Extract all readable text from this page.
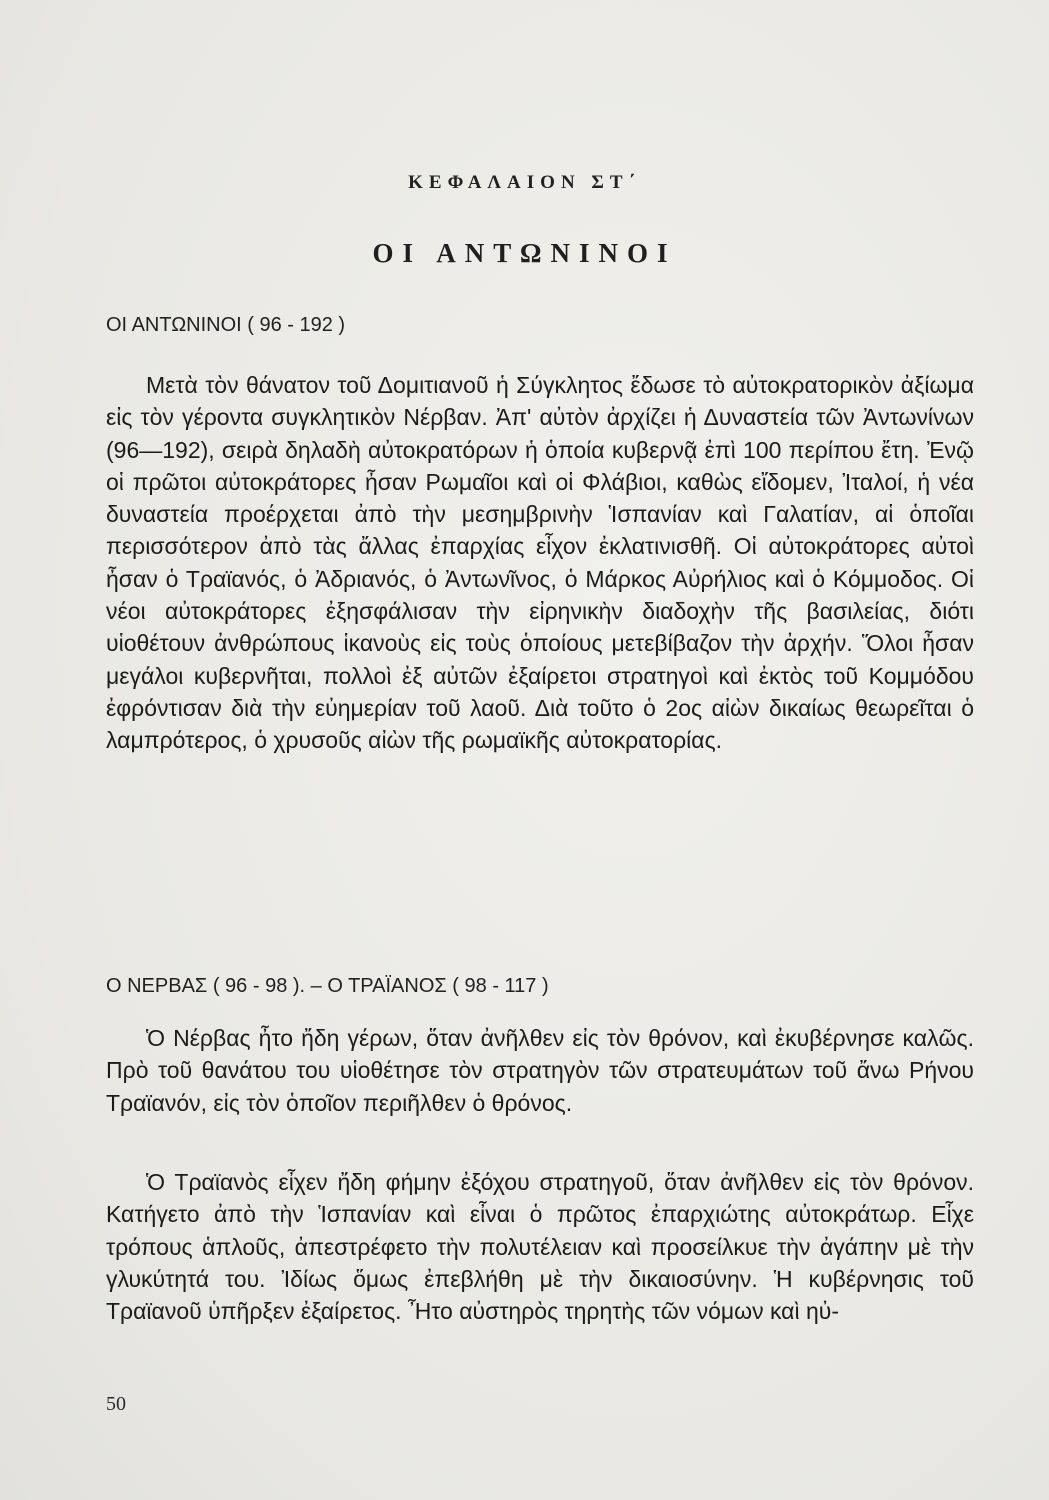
ΚΕΦΑΛΑΙΟΝ ΣΤ΄
ΟΙ ΑΝΤΩΝΙΝΟΙ
ΟΙ ΑΝΤΩΝΙΝΟΙ ( 96 - 192 )

Μετὰ τὸν θάνατον τοῦ Δομιτιανοῦ ἡ Σύγκλητος ἔδωσε τὸ αὐτοκρατορικὸν ἀξίωμα εἰς τὸν γέροντα συγκλητικὸν Νέρβαν. Ἀπ' αὐτὸν ἀρχίζει ἡ Δυναστεία τῶν Ἀντωνίνων (96—192), σειρὰ δηλαδὴ αὐτοκρατόρων ἡ ὁποία κυβερνᾷ ἐπὶ 100 περίπου ἔτη. Ἐνῷ οἱ πρῶτοι αὐτοκράτορες ἦσαν Ρωμαῖοι καὶ οἱ Φλάβιοι, καθὼς εἴδομεν, Ἰταλοί, ἡ νέα δυναστεία προέρχεται ἀπὸ τὴν μεσημβρινὴν Ἱσπανίαν καὶ Γαλατίαν, αἱ ὁποῖαι περισσότερον ἀπὸ τὰς ἄλλας ἐπαρχίας εἶχον ἐκλατινισθῆ. Οἱ αὐτοκράτορες αὐτοὶ ἦσαν ὁ Τραϊανός, ὁ Ἀδριανός, ὁ Ἀντωνῖνος, ὁ Μάρκος Αὐρήλιος καὶ ὁ Κόμμοδος. Οἱ νέοι αὐτοκράτορες ἐξησφάλισαν τὴν εἰρηνικὴν διαδοχὴν τῆς βασιλείας, διότι υἱοθέτουν ἀνθρώπους ἱκανοὺς εἰς τοὺς ὁποίους μετεβίβαζον τὴν ἀρχήν. Ὅλοι ἦσαν μεγάλοι κυβερνῆται, πολλοὶ ἐξ αὐτῶν ἐξαίρετοι στρατηγοὶ καὶ ἐκτὸς τοῦ Κομμόδου ἐφρόντισαν διὰ τὴν εὐημερίαν τοῦ λαοῦ. Διὰ τοῦτο ὁ 2ος αἰὼν δικαίως θεωρεῖται ὁ λαμπρότερος, ὁ χρυσοῦς αἰὼν τῆς ρωμαϊκῆς αὐτοκρατορίας.

Ο ΝΕΡΒΑΣ ( 96 - 98 ). – Ο ΤΡΑΪΑΝΟΣ ( 98 - 117 )

Ὁ Νέρβας ἦτο ἤδη γέρων, ὅταν ἀνῆλθεν εἰς τὸν θρόνον, καὶ ἐκυβέρνησε καλῶς. Πρὸ τοῦ θανάτου του υἱοθέτησε τὸν στρατηγὸν τῶν στρατευμάτων τοῦ ἄνω Ρήνου Τραϊανόν, εἰς τὸν ὁποῖον περιῆλθεν ὁ θρόνος.

Ὁ Τραϊανὸς εἶχεν ἤδη φήμην ἐξόχου στρατηγοῦ, ὅταν ἀνῆλθεν εἰς τὸν θρόνον. Κατήγετο ἀπὸ τὴν Ἱσπανίαν καὶ εἶναι ὁ πρῶτος ἐπαρχιώτης αὐτοκράτωρ. Εἶχε τρόπους ἁπλοῦς, ἀπεστρέφετο τὴν πολυτέλειαν καὶ προσείλκυε τὴν ἀγάπην μὲ τὴν γλυκύτητά του. Ἰδίως ὅμως ἐπεβλήθη μὲ τὴν δικαιοσύνην. Ἡ κυβέρνησις τοῦ Τραϊανοῦ ὑπῆρξεν ἐξαίρετος. Ἦτο αὐστηρὸς τηρητὴς τῶν νόμων καὶ ηὐ-

50
